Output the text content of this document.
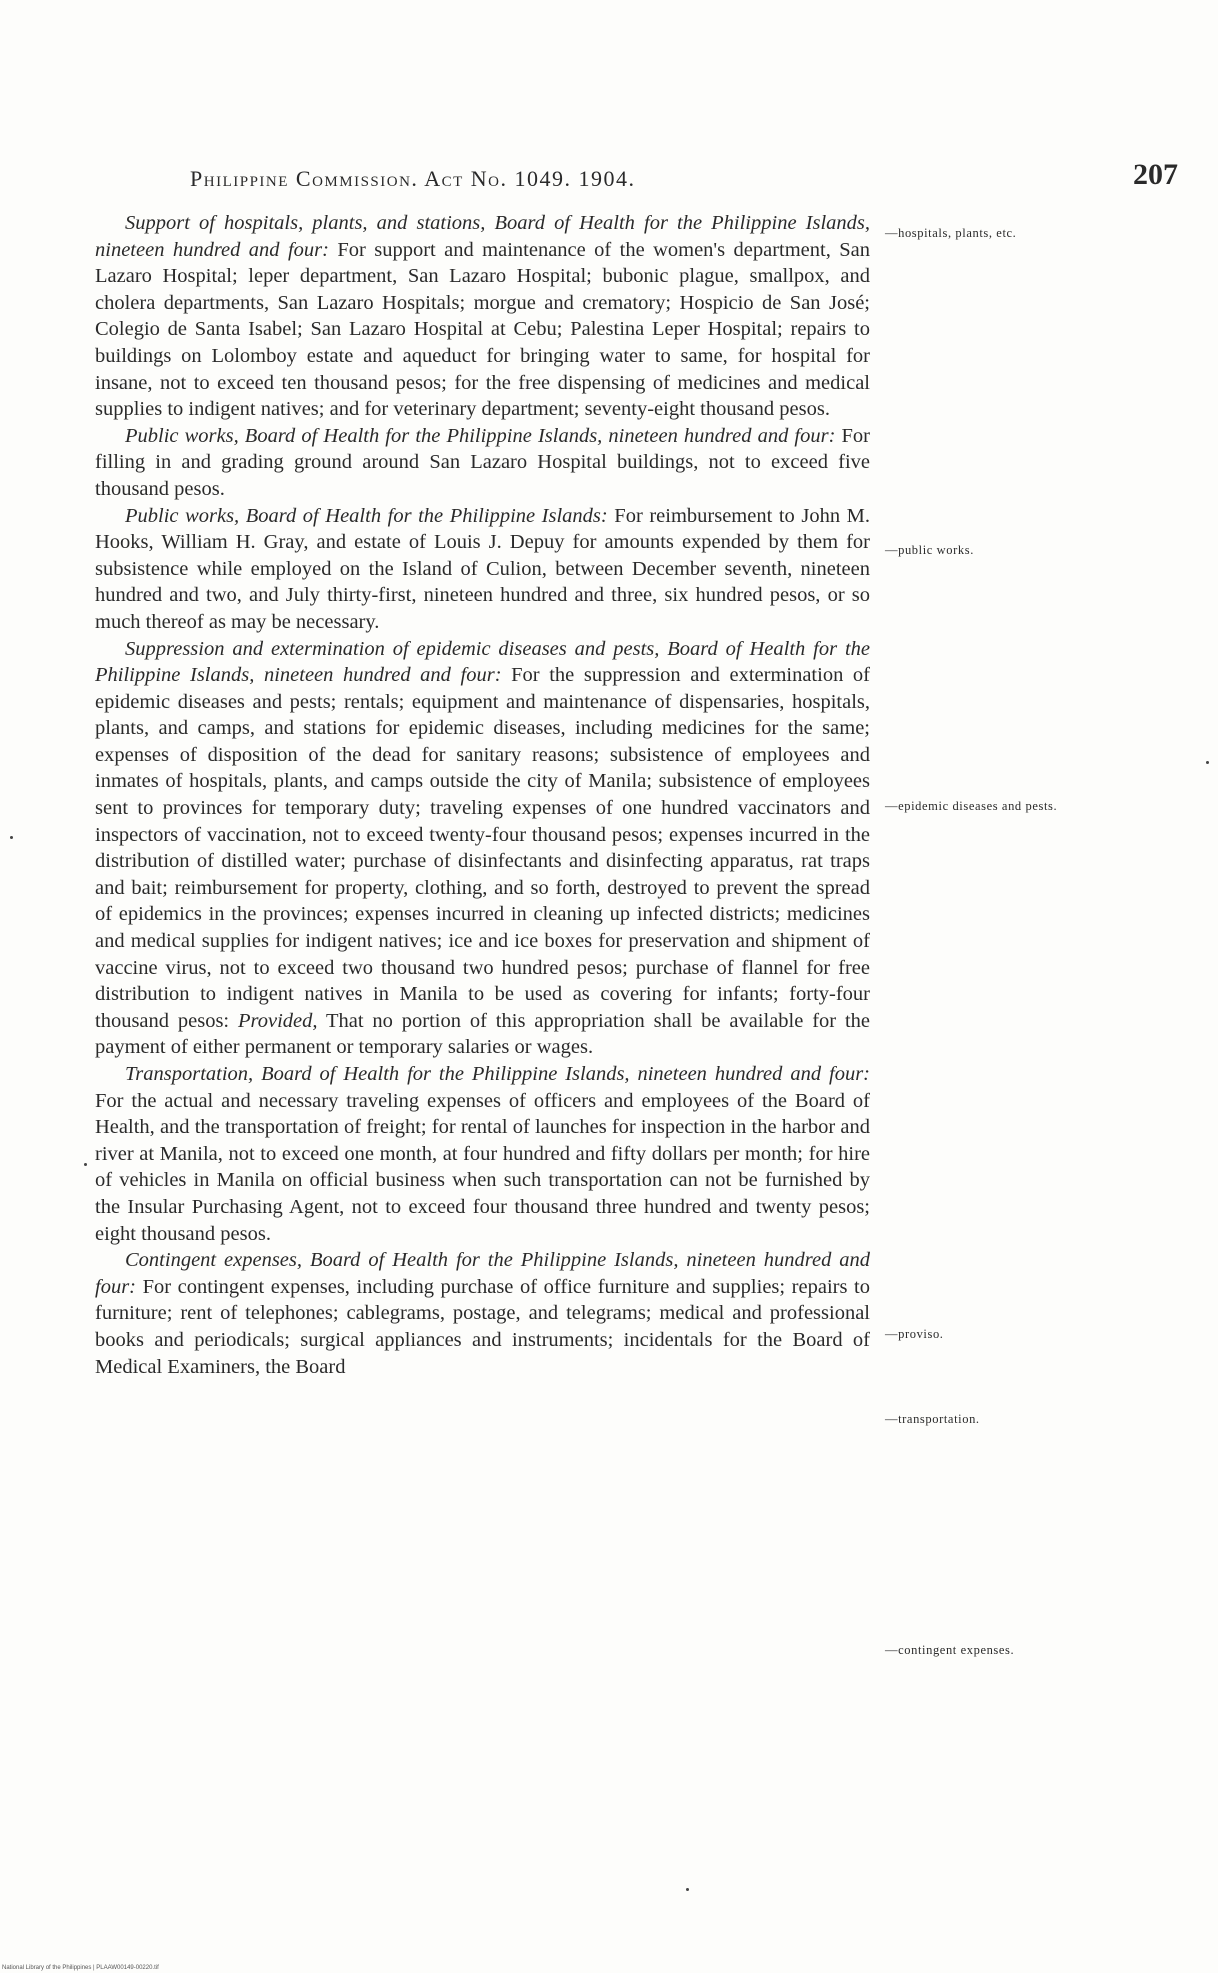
Philippine Commission. Act No. 1049. 1904.	207

Support of hospitals, plants, and stations, Board of Health for the Philippine Islands, nineteen hundred and four: For support and maintenance of the women's department, San Lazaro Hospital; leper department, San Lazaro Hospital; bubonic plague, smallpox, and cholera departments, San Lazaro Hospitals; morgue and crematory; Hospicio de San José; Colegio de Santa Isabel; San Lazaro Hospital at Cebu; Palestina Leper Hospital; repairs to buildings on Lolomboy estate and aqueduct for bringing water to same, for hospital for insane, not to exceed ten thousand pesos; for the free dispensing of medicines and medical supplies to indigent natives; and for veterinary department; seventy-eight thousand pesos.

Public works, Board of Health for the Philippine Islands, nineteen hundred and four: For filling in and grading ground around San Lazaro Hospital buildings, not to exceed five thousand pesos.

Public works, Board of Health for the Philippine Islands: For reimbursement to John M. Hooks, William H. Gray, and estate of Louis J. Depuy for amounts expended by them for subsistence while employed on the Island of Culion, between December seventh, nineteen hundred and two, and July thirty-first, nineteen hundred and three, six hundred pesos, or so much thereof as may be necessary.

Suppression and extermination of epidemic diseases and pests, Board of Health for the Philippine Islands, nineteen hundred and four: For the suppression and extermination of epidemic diseases and pests; rentals; equipment and maintenance of dispensaries, hospitals, plants, and camps, and stations for epidemic diseases, including medicines for the same; expenses of disposition of the dead for sanitary reasons; subsistence of employees and inmates of hospitals, plants, and camps outside the city of Manila; subsistence of employees sent to provinces for temporary duty; traveling expenses of one hundred vaccinators and inspectors of vaccination, not to exceed twenty-four thousand pesos; expenses incurred in the distribution of distilled water; purchase of disinfectants and disinfecting apparatus, rat traps and bait; reimbursement for property, clothing, and so forth, destroyed to prevent the spread of epidemics in the provinces; expenses incurred in cleaning up infected districts; medicines and medical supplies for indigent natives; ice and ice boxes for preservation and shipment of vaccine virus, not to exceed two thousand two hundred pesos; purchase of flannel for free distribution to indigent natives in Manila to be used as covering for infants; forty-four thousand pesos: Provided, That no portion of this appropriation shall be available for the payment of either permanent or temporary salaries or wages.

Transportation, Board of Health for the Philippine Islands, nineteen hundred and four: For the actual and necessary traveling expenses of officers and employees of the Board of Health, and the transportation of freight; for rental of launches for inspection in the harbor and river at Manila, not to exceed one month, at four hundred and fifty dollars per month; for hire of vehicles in Manila on official business when such transportation can not be furnished by the Insular Purchasing Agent, not to exceed four thousand three hundred and twenty pesos; eight thousand pesos.

Contingent expenses, Board of Health for the Philippine Islands, nineteen hundred and four: For contingent expenses, including purchase of office furniture and supplies; repairs to furniture; rent of telephones; cablegrams, postage, and telegrams; medical and professional books and periodicals; surgical appliances and instruments; incidentals for the Board of Medical Examiners, the Board

—hospitals, plants, etc.
—public works.
—epidemic diseases and pests.
—proviso.
—transportation.
—contingent expenses.
National Library of the Philippines | PLAAW00149-00220.tif
